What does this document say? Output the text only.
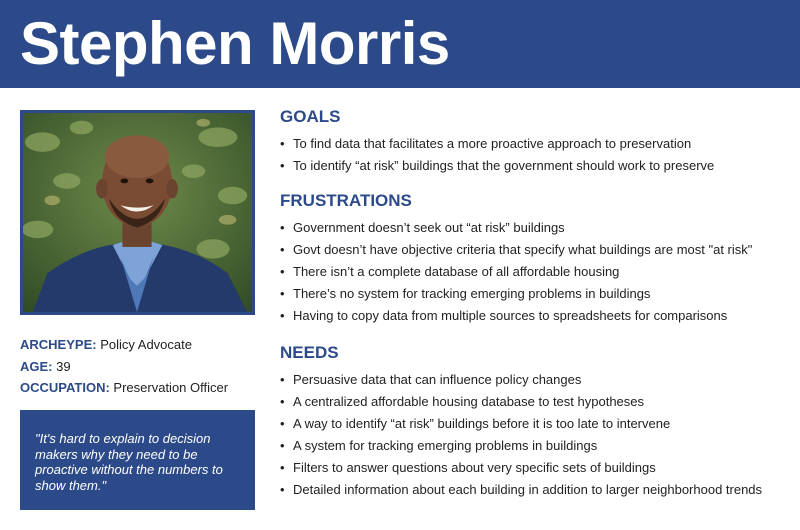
Stephen Morris
ARCHEYPE: Policy Advocate
AGE: 39
OCCUPATION: Preservation Officer
"It's hard to explain to decision makers why they need to be proactive without the numbers to show them."
GOALS
• To find data that facilitates a more proactive approach to preservation
• To identify “at risk” buildings that the government should work to preserve
FRUSTRATIONS
• Government doesn’t seek out “at risk” buildings
• Govt doesn’t have objective criteria that specify what buildings are most "at risk"
• There isn’t a complete database of all affordable housing
• There’s no system for tracking emerging problems in buildings
• Having to copy data from multiple sources to spreadsheets for comparisons
NEEDS
• Persuasive data that can influence policy changes
• A centralized affordable housing database to test hypotheses
• A way to identify “at risk” buildings before it is too late to intervene
• A system for tracking emerging problems in buildings
• Filters to answer questions about very specific sets of buildings
• Detailed information about each building in addition to larger neighborhood trends
